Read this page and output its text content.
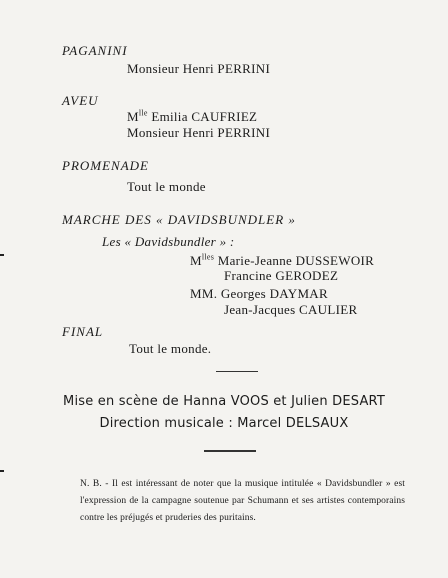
PAGANINI
Monsieur Henri PERRINI
AVEU
$M^{lle}$ Emilia CAUFRIEZ
Monsieur Henri PERRINI
PROMENADE
Tout le monde
MARCHE DES « DAVIDSBUNDLER »
Les « Davidsbundler » :
$M^{lles}$ Marie-Jeanne DUSSEWOIR
Francine GERODEZ
MM. Georges DAYMAR
Jean-Jacques CAULIER
FINAL
Tout le monde.
Mise en scène de Hanna VOOS et Julien DESART
Direction musicale : Marcel DELSAUX
N. B. - Il est intéressant de noter que la musique intitulée « Davidsbundler » est l'expression de la campagne soutenue par Schumann et ses artistes contemporains contre les préjugés et pruderies des puritains.
